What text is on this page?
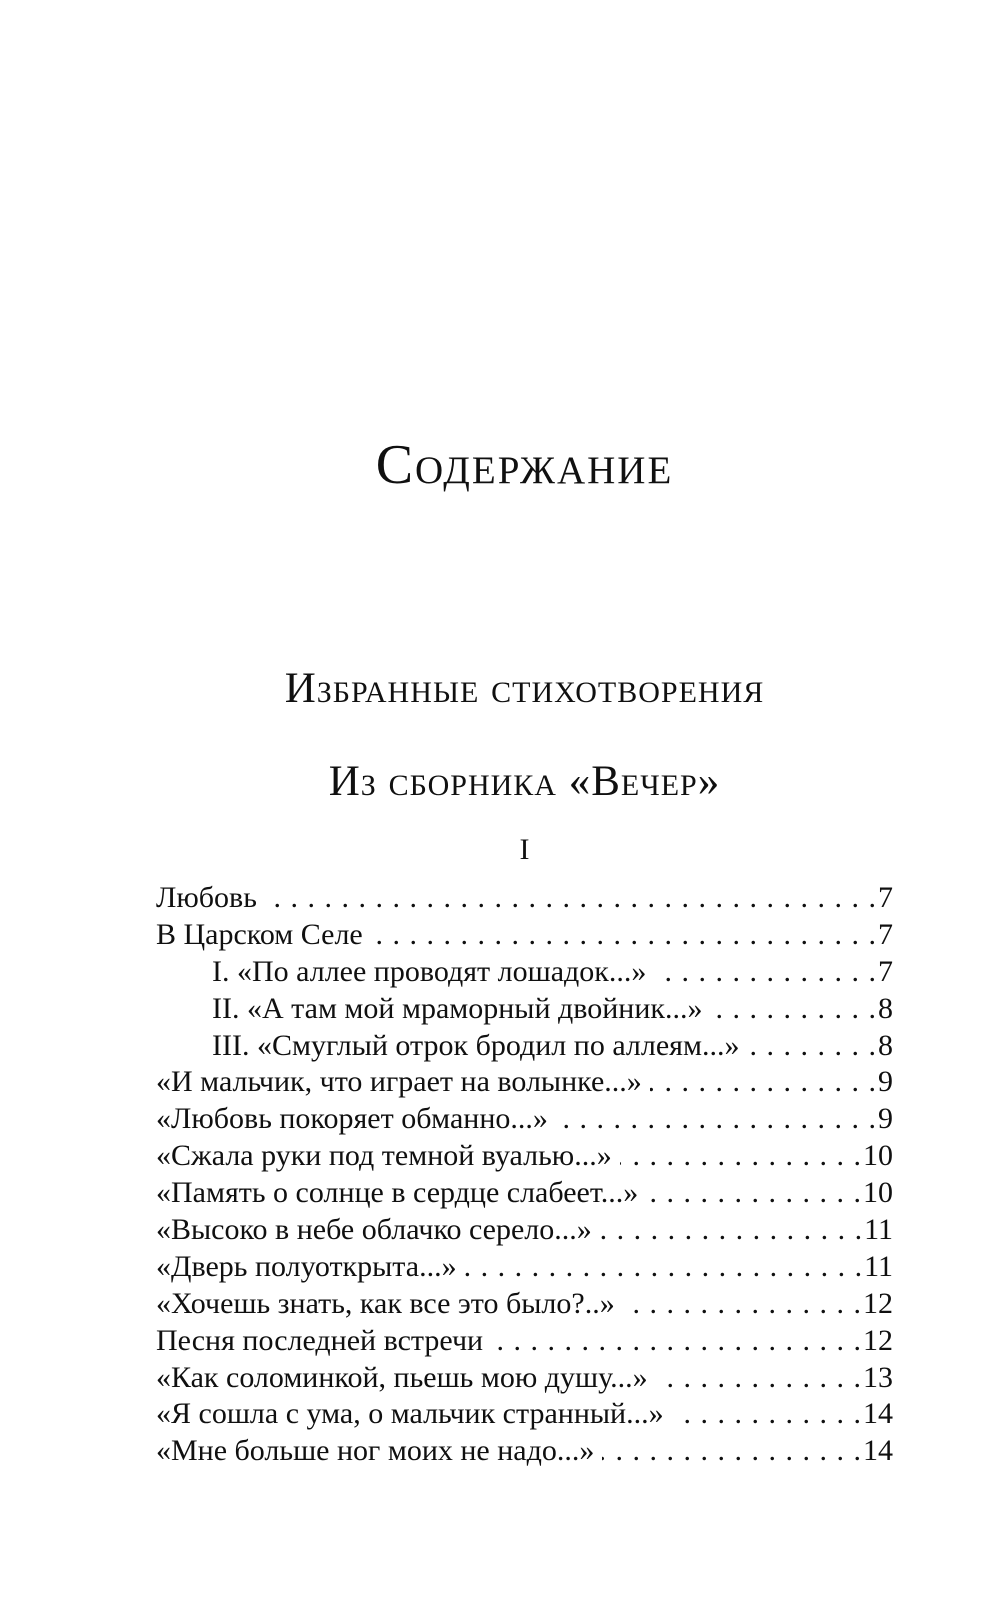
Содержание
Избранные стихотворения
Из сборника «Вечер»
I
Любовь . . .	7
В Царском Селе . . .	7
I. «По аллее проводят лошадок...» . . .	7
II. «А там мой мраморный двойник...» . . .	8
III. «Смуглый отрок бродил по аллеям...» . . .	8
«И мальчик, что играет на волынке...» . . .	9
«Любовь покоряет обманно...» . . .	9
«Сжала руки под темной вуалью...» . . .	10
«Память о солнце в сердце слабеет...» . . .	10
«Высоко в небе облачко серело...» . . .	11
«Дверь полуоткрыта...» . . .	11
«Хочешь знать, как все это было?..» . . .	12
Песня последней встречи . . .	12
«Как соломинкой, пьешь мою душу...» . . .	13
«Я сошла с ума, о мальчик странный...» . . .	14
«Мне больше ног моих не надо...» . . .	14
